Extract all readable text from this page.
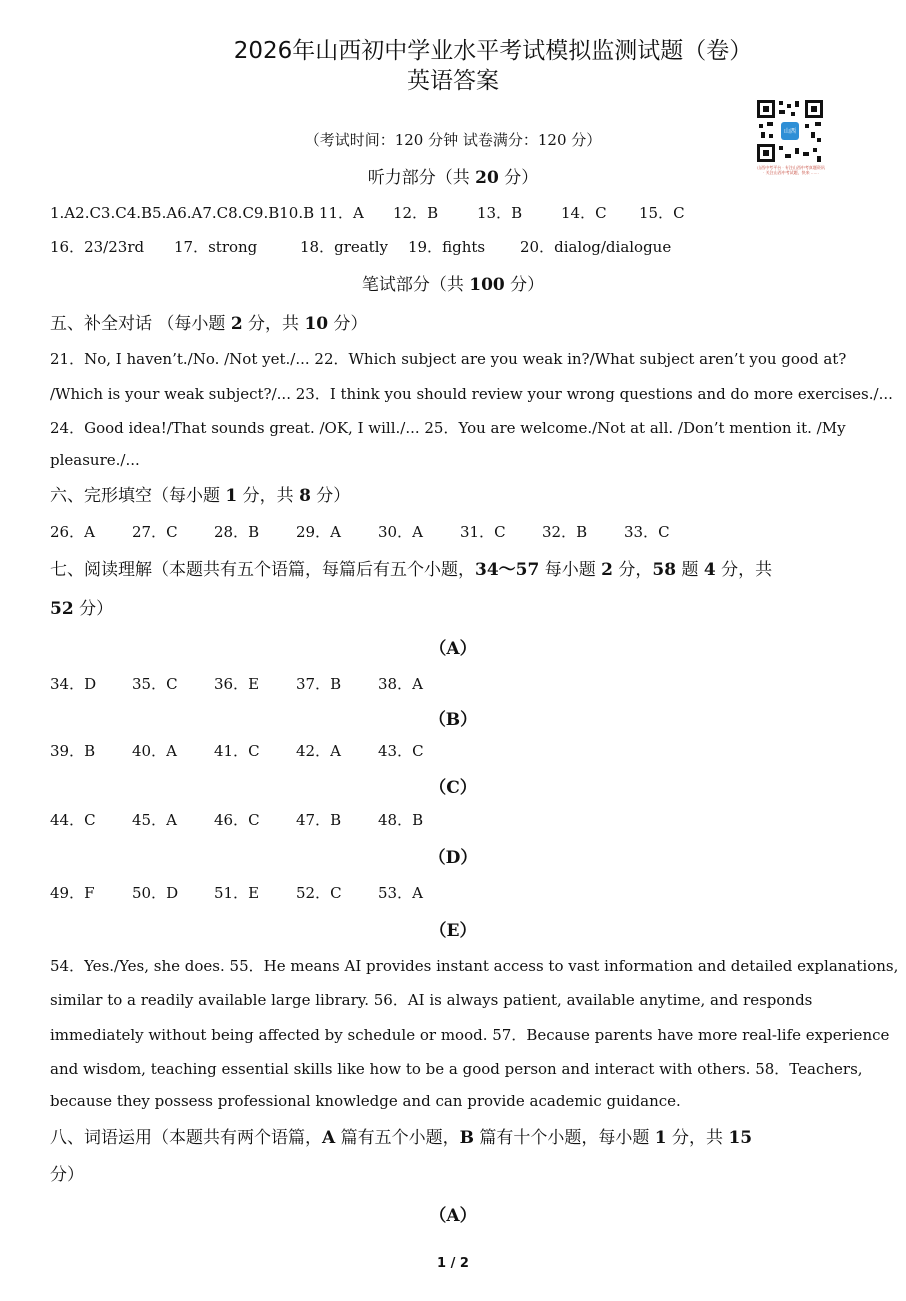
2026年山西初中学业水平考试模拟监测试题（卷）
英语答案
（考试时间：120 分钟 试卷满分：120 分）	山西
山西中考平台 · 专注山西中考真题资讯 · 关注山西中考试题，快来 ……
听力部分（共 20 分）
1.A2.C3.C4.B5.A6.A7.C8.C9.B10.B 11．A 12．B	13．B	14．C 15．C
16．23/23rd 17．strong	18．greatly 19．fights 20．dialog/dialogue
笔试部分（共 100 分）
五、补全对话 （每小题 2 分，共 10 分）
21．No, I haven’t./No. /Not yet./... 22．Which subject are you weak in?/What subject aren’t you good at?
/Which is your weak subject?/... 23．I think you should review your wrong questions and do more exercises./...
24．Good idea!/That sounds great. /OK, I will./... 25．You are welcome./Not at all. /Don’t mention it. /My
pleasure./...
六、完形填空（每小题 1 分，共 8 分）
26．A 27．C 28．B 29．A 30．A 31．C 32．B 33．C
七、阅读理解（本题共有五个语篇，每篇后有五个小题，34～57 每小题 2 分，58 题 4 分，共
52 分）
（A）
34．D 35．C 36．E 37．B 38．A
（B）
39．B 40．A 41．C 42．A 43．C
（C）
44．C 45．A 46．C 47．B 48．B
（D）
49．F	50．D 51．E 52．C 53．A
（E）
54．Yes./Yes, she does. 55．He means AI provides instant access to vast information and detailed explanations,
similar to a readily available large library. 56．AI is always patient, available anytime, and responds
immediately without being affected by schedule or mood. 57．Because parents have more real-life experience
and wisdom, teaching essential skills like how to be a good person and interact with others. 58．Teachers,
because they possess professional knowledge and can provide academic guidance.
八、词语运用（本题共有两个语篇，A 篇有五个小题，B 篇有十个小题，每小题 1 分，共 15
分）
（A）
1 / 2
